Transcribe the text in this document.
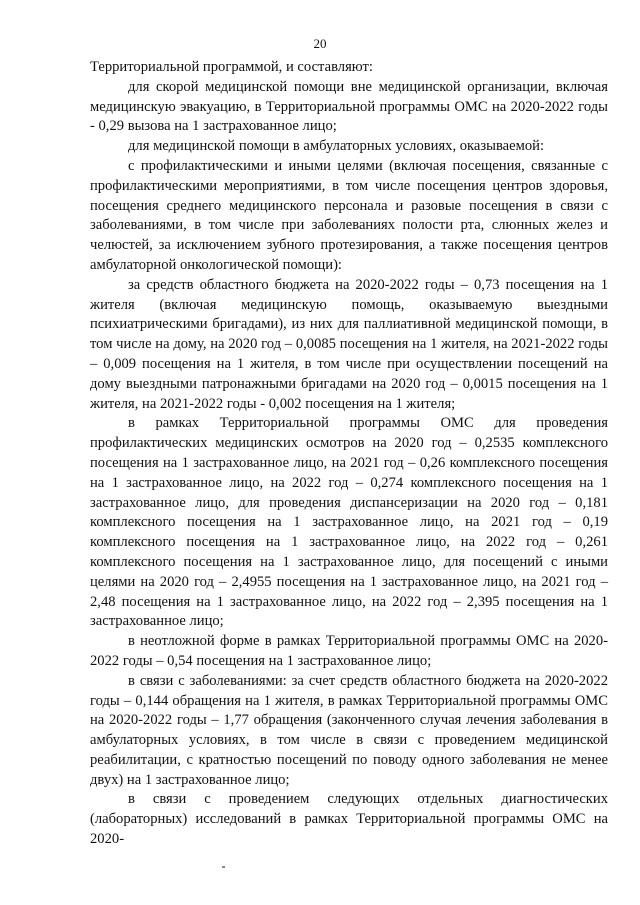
20

Территориальной программой, и составляют:

для скорой медицинской помощи вне медицинской организации, включая медицинскую эвакуацию, в Территориальной программы ОМС на 2020-2022 годы - 0,29 вызова на 1 застрахованное лицо;

для медицинской помощи в амбулаторных условиях, оказываемой:

с профилактическими и иными целями (включая посещения, связанные с профилактическими мероприятиями, в том числе посещения центров здоровья, посещения среднего медицинского персонала и разовые посещения в связи с заболеваниями, в том числе при заболеваниях полости рта, слюнных желез и челюстей, за исключением зубного протезирования, а также посещения центров амбулаторной онкологической помощи):

за средств областного бюджета на 2020-2022 годы – 0,73 посещения на 1 жителя (включая медицинскую помощь, оказываемую выездными психиатрическими бригадами), из них для паллиативной медицинской помощи, в том числе на дому, на 2020 год – 0,0085 посещения на 1 жителя, на 2021-2022 годы – 0,009 посещения на 1 жителя, в том числе при осуществлении посещений на дому выездными патронажными бригадами на 2020 год – 0,0015 посещения на 1 жителя, на 2021-2022 годы - 0,002 посещения на 1 жителя;

в рамках Территориальной программы ОМС для проведения профилактических медицинских осмотров на 2020 год – 0,2535 комплексного посещения на 1 застрахованное лицо, на 2021 год – 0,26 комплексного посещения на 1 застрахованное лицо, на 2022 год – 0,274 комплексного посещения на 1 застрахованное лицо, для проведения диспансеризации на 2020 год – 0,181 комплексного посещения на 1 застрахованное лицо, на 2021 год – 0,19 комплексного посещения на 1 застрахованное лицо, на 2022 год – 0,261 комплексного посещения на 1 застрахованное лицо, для посещений с иными целями на 2020 год – 2,4955 посещения на 1 застрахованное лицо, на 2021 год – 2,48 посещения на 1 застрахованное лицо, на 2022 год – 2,395 посещения на 1 застрахованное лицо;

в неотложной форме в рамках Территориальной программы ОМС на 2020-2022 годы – 0,54 посещения на 1 застрахованное лицо;

в связи с заболеваниями: за счет средств областного бюджета на 2020-2022 годы – 0,144 обращения на 1 жителя, в рамках Территориальной программы ОМС на 2020-2022 годы – 1,77 обращения (законченного случая лечения заболевания в амбулаторных условиях, в том числе в связи с проведением медицинской реабилитации, с кратностью посещений по поводу одного заболевания не менее двух) на 1 застрахованное лицо;

в связи с проведением следующих отдельных диагностических (лабораторных) исследований в рамках Территориальной программы ОМС на 2020-
